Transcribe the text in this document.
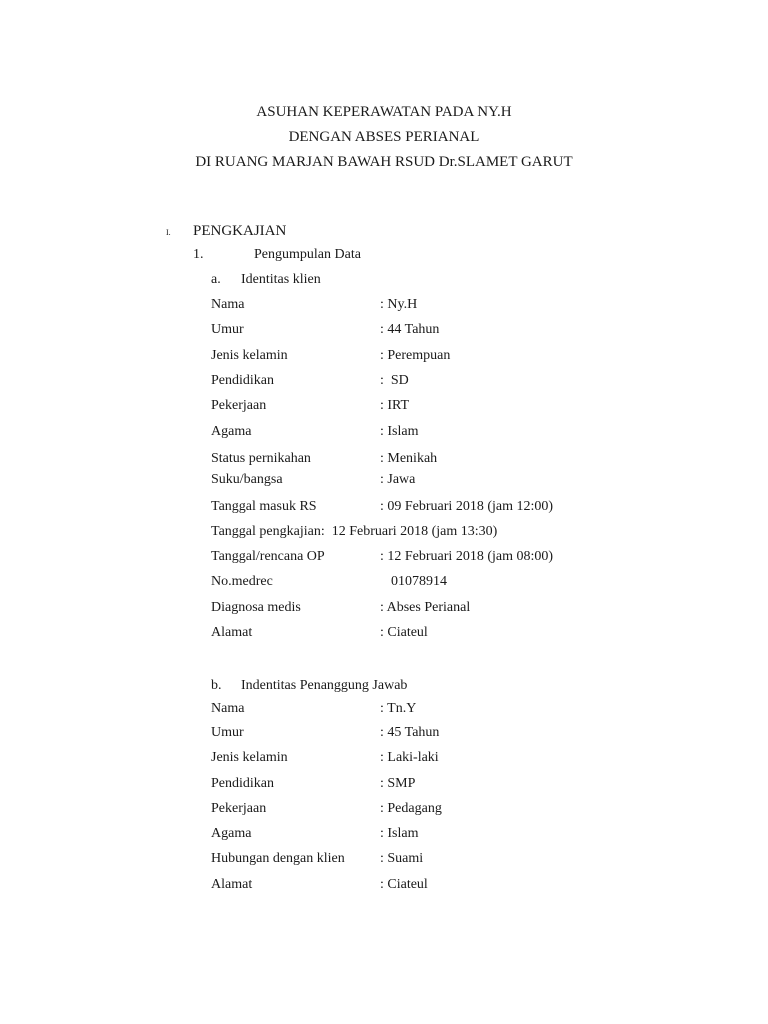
ASUHAN KEPERAWATAN PADA NY.H
DENGAN ABSES PERIANAL
DI RUANG MARJAN BAWAH RSUD Dr.SLAMET GARUT
I. PENGKAJIAN
1.	Pengumpulan Data
a. Identitas klien
Nama	: Ny.H
Umur	: 44 Tahun
Jenis kelamin	: Perempuan
Pendidikan	:  SD
Pekerjaan	: IRT
Agama	: Islam
Status pernikahan	: Menikah
Suku/bangsa	: Jawa
Tanggal masuk RS	: 09 Februari 2018 (jam 12:00)
Tanggal pengkajian:  12 Februari 2018 (jam 13:30)
Tanggal/rencana OP	: 12 Februari 2018 (jam 08:00)
No.medrec	01078914
Diagnosa medis	: Abses Perianal
Alamat	: Ciateul
b. Indentitas Penanggung Jawab
Nama	: Tn.Y
Umur	: 45 Tahun
Jenis kelamin	: Laki-laki
Pendidikan	: SMP
Pekerjaan	: Pedagang
Agama	: Islam
Hubungan dengan klien	: Suami
Alamat	: Ciateul
